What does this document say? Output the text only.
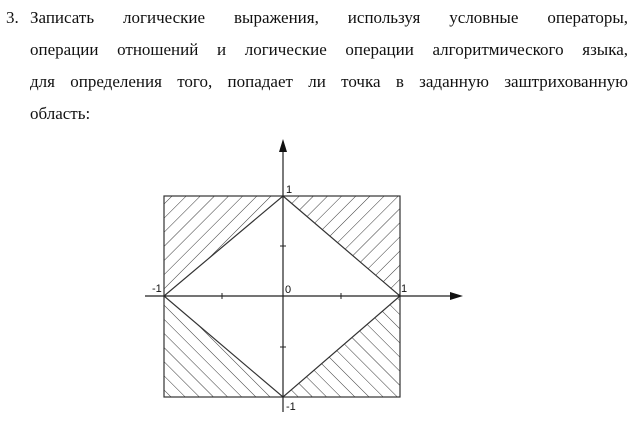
3. Записать логические выражения, используя условные операторы,
операции отношений и логические операции алгоритмического языка,
для определения того, попадает ли точка в заданную заштрихованную
область:
-1	1
1
-1
0
